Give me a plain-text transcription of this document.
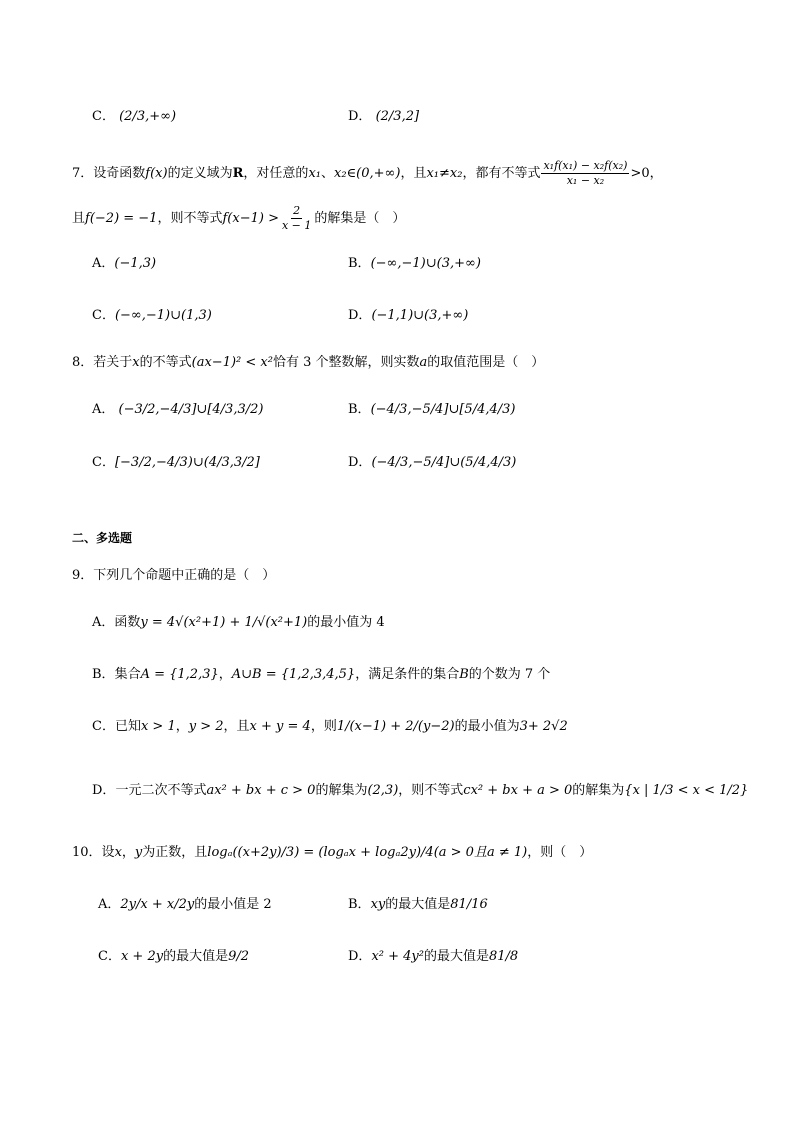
C． (2/3,+∞)	D． (2/3,2]
7．设奇函数f(x)的定义域为R，对任意的x₁、x₂∈(0,+∞)，且x₁≠x₂，都有不等式 $\frac{\text{x₁f(x₁) − x₂f(x₂)}}{\text{x₁ − x₂}} >0$，
且f(−2) = −1，则不等式$f(x-1) > \frac{2}{x - 1}$ 的解集是（　）
A．(−1,3)	B．(−∞,−1)∪(3,+∞)
C．(−∞,−1)∪(1,3)	D．(−1,1)∪(3,+∞)
8．若关于x的不等式(ax−1)² < x²恰有 3 个整数解，则实数a的取值范围是（　）
A． (−3/2,−4/3]∪[4/3,3/2)	B．(−4/3,−5/4]∪[5/4,4/3)
C．[−3/2,−4/3)∪(4/3,3/2]	D．(−4/3,−5/4]∪(5/4,4/3)
二、多选题
9．下列几个命题中正确的是（　）
A．函数y = 4√(x²+1) + 1/√(x²+1)的最小值为 4
B．集合A = {1,2,3}，A∪B = {1,2,3,4,5}，满足条件的集合B的个数为 7 个
C．已知x > 1，y > 2，且x + y = 4，则1/(x−1) + 2/(y−2)的最小值为3+ 2√2
D．一元二次不等式ax² + bx + c > 0的解集为(2,3)，则不等式cx² + bx + a > 0的解集为{x | 1/3 < x < 1/2}
10．设x，y为正数，且logₐ((x+2y)/3) = (logₐx + logₐ2y)/4(a > 0且a ≠ 1)，则（　）
A．2y/x + x/2y的最小值是 2	B．xy的最大值是81/16
C．x + 2y的最大值是9/2	D．x² + 4y²的最大值是81/8
